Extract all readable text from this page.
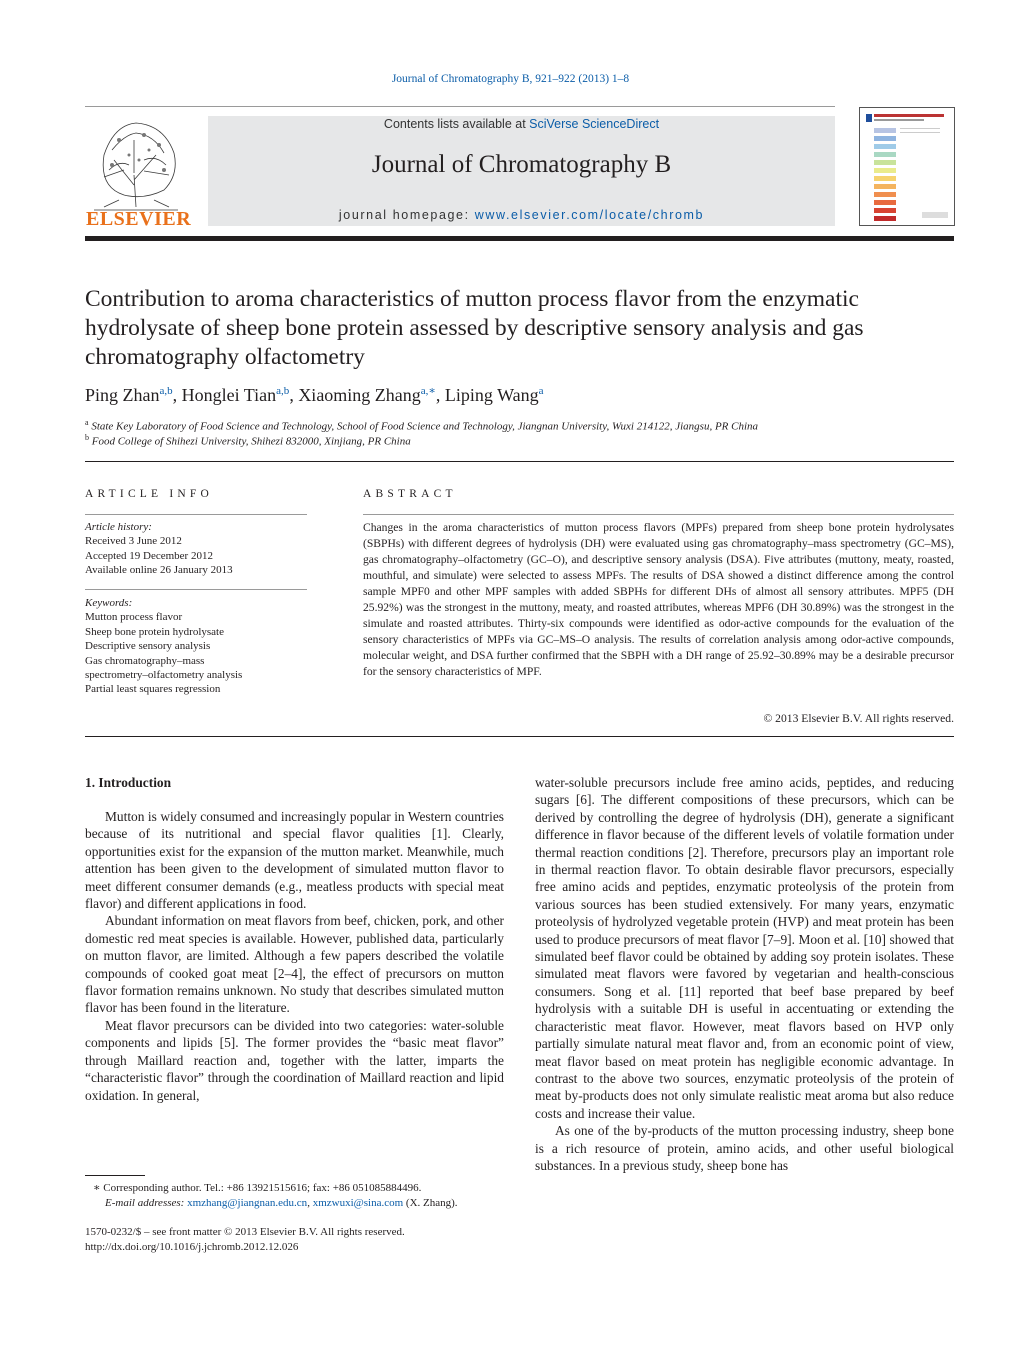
Journal of Chromatography B, 921–922 (2013) 1–8
ELSEVIER
Contents lists available at SciVerse ScienceDirect
Journal of Chromatography B
journal homepage: www.elsevier.com/locate/chromb
Contribution to aroma characteristics of mutton process flavor from the enzymatic hydrolysate of sheep bone protein assessed by descriptive sensory analysis and gas chromatography olfactometry
Ping Zhan$^{a,b}$, Honglei Tian$^{a,b}$, Xiaoming Zhang$^{a,∗}$, Liping Wang$^a$
$^a$ State Key Laboratory of Food Science and Technology, School of Food Science and Technology, Jiangnan University, Wuxi 214122, Jiangsu, PR China
$^b$ Food College of Shihezi University, Shihezi 832000, Xinjiang, PR China
ARTICLE INFO
Article history:
Received 3 June 2012
Accepted 19 December 2012
Available online 26 January 2013
Keywords:
Mutton process flavor
Sheep bone protein hydrolysate
Descriptive sensory analysis
Gas chromatography–mass
spectrometry–olfactometry analysis
Partial least squares regression
ABSTRACT
Changes in the aroma characteristics of mutton process flavors (MPFs) prepared from sheep bone protein hydrolysates (SBPHs) with different degrees of hydrolysis (DH) were evaluated using gas chromatography–mass spectrometry (GC–MS), gas chromatography–olfactometry (GC–O), and descriptive sensory analysis (DSA). Five attributes (muttony, meaty, roasted, mouthful, and simulate) were selected to assess MPFs. The results of DSA showed a distinct difference among the control sample MPF0 and other MPF samples with added SBPHs for different DHs of almost all sensory attributes. MPF5 (DH 25.92%) was the strongest in the muttony, meaty, and roasted attributes, whereas MPF6 (DH 30.89%) was the strongest in the simulate and roasted attributes. Thirty-six compounds were identified as odor-active compounds for the evaluation of the sensory characteristics of MPFs via GC–MS–O analysis. The results of correlation analysis among odor-active compounds, molecular weight, and DSA further confirmed that the SBPH with a DH range of 25.92–30.89% may be a desirable precursor for the sensory characteristics of MPF.
© 2013 Elsevier B.V. All rights reserved.
1. Introduction

Mutton is widely consumed and increasingly popular in Western countries because of its nutritional and special flavor qualities [1]. Clearly, opportunities exist for the expansion of the mutton market. Meanwhile, much attention has been given to the development of simulated mutton flavor to meet different consumer demands (e.g., meatless products with special meat flavor) and different applications in food.

Abundant information on meat flavors from beef, chicken, pork, and other domestic red meat species is available. However, published data, particularly on mutton flavor, are limited. Although a few papers described the volatile compounds of cooked goat meat [2–4], the effect of precursors on mutton flavor formation remains unknown. No study that describes simulated mutton flavor has been found in the literature.

Meat flavor precursors can be divided into two categories: water-soluble components and lipids [5]. The former provides the “basic meat flavor” through Maillard reaction and, together with the latter, imparts the “characteristic flavor” through the coordination of Maillard reaction and lipid oxidation. In general,

water-soluble precursors include free amino acids, peptides, and reducing sugars [6]. The different compositions of these precursors, which can be derived by controlling the degree of hydrolysis (DH), generate a significant difference in flavor because of the different levels of volatile formation under thermal reaction conditions [2]. Therefore, precursors play an important role in thermal reaction flavor. To obtain desirable flavor precursors, especially free amino acids and peptides, enzymatic proteolysis of the protein from various sources has been studied extensively. For many years, enzymatic proteolysis of hydrolyzed vegetable protein (HVP) and meat protein has been used to produce precursors of meat flavor [7–9]. Moon et al. [10] showed that simulated beef flavor could be obtained by adding soy protein isolates. These simulated meat flavors were favored by vegetarian and health-conscious consumers. Song et al. [11] reported that beef base prepared by beef hydrolysis with a suitable DH is useful in accentuating or extending the characteristic meat flavor. However, meat flavors based on HVP only partially simulate natural meat flavor and, from an economic point of view, meat flavor based on meat protein has negligible economic advantage. In contrast to the above two sources, enzymatic proteolysis of the protein of meat by-products does not only simulate realistic meat aroma but also reduce costs and increase their value.

As one of the by-products of the mutton processing industry, sheep bone is a rich resource of protein, amino acids, and other useful biological substances. In a previous study, sheep bone has

∗ Corresponding author. Tel.: +86 13921515616; fax: +86 051085884496.
E-mail addresses: xmzhang@jiangnan.edu.cn, xmzwuxi@sina.com (X. Zhang).
1570-0232/$ – see front matter © 2013 Elsevier B.V. All rights reserved.
http://dx.doi.org/10.1016/j.jchromb.2012.12.026
